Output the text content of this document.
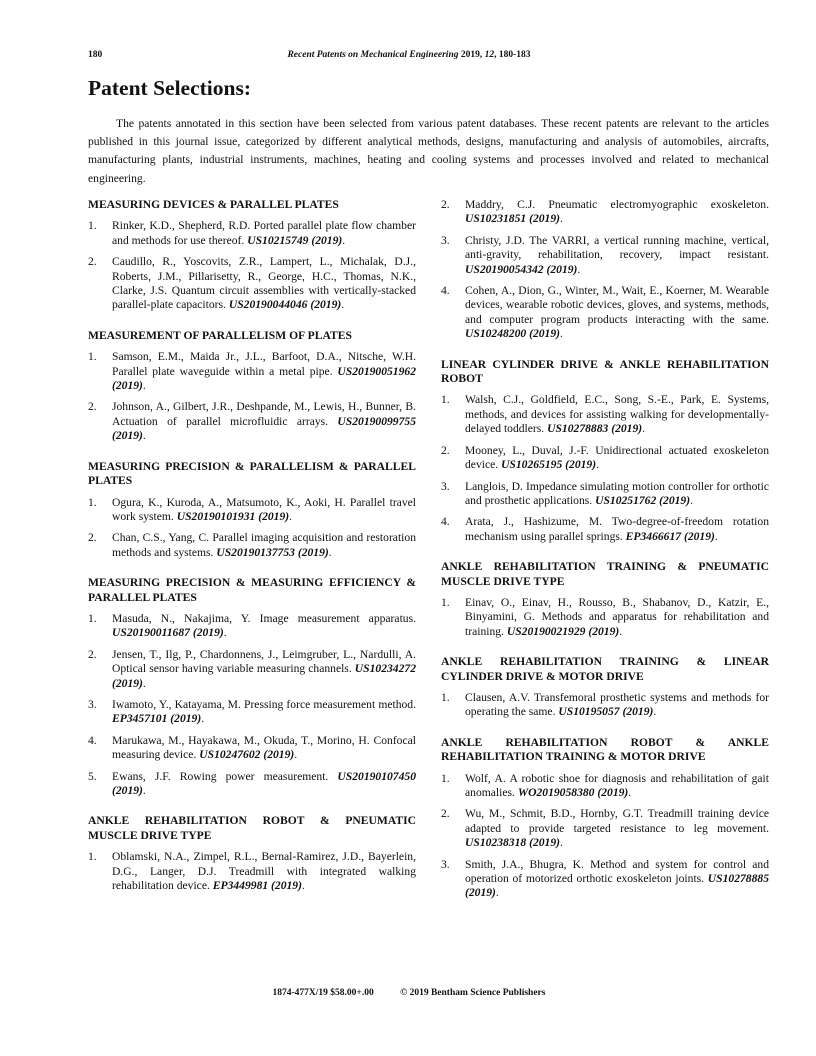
180	Recent Patents on Mechanical Engineering 2019, 12, 180-183
Patent Selections:

The patents annotated in this section have been selected from various patent databases. These recent patents are relevant to the articles published in this journal issue, categorized by different analytical methods, designs, manufacturing and analysis of automobiles, aircrafts, manufacturing plants, industrial instruments, machines, heating and cooling systems and processes involved and related to mechanical engineering.

MEASURING DEVICES & PARALLEL PLATES
1. Rinker, K.D., Shepherd, R.D. Ported parallel plate flow chamber and methods for use thereof. US10215749 (2019).
2. Caudillo, R., Yoscovits, Z.R., Lampert, L., Michalak, D.J., Roberts, J.M., Pillarisetty, R., George, H.C., Thomas, N.K., Clarke, J.S. Quantum circuit assemblies with vertically-stacked parallel-plate capacitors. US20190044046 (2019).
MEASUREMENT OF PARALLELISM OF PLATES
1. Samson, E.M., Maida Jr., J.L., Barfoot, D.A., Nitsche, W.H. Parallel plate waveguide within a metal pipe. US20190051962 (2019).
2. Johnson, A., Gilbert, J.R., Deshpande, M., Lewis, H., Bunner, B. Actuation of parallel microfluidic arrays. US20190099755 (2019).
MEASURING PRECISION & PARALLELISM & PARALLEL PLATES
1. Ogura, K., Kuroda, A., Matsumoto, K., Aoki, H. Parallel travel work system. US20190101931 (2019).
2. Chan, C.S., Yang, C. Parallel imaging acquisition and restoration methods and systems. US20190137753 (2019).
MEASURING PRECISION & MEASURING EFFICIENCY & PARALLEL PLATES
1. Masuda, N., Nakajima, Y. Image measurement apparatus. US20190011687 (2019).
2. Jensen, T., Ilg, P., Chardonnens, J., Leimgruber, L., Nardulli, A. Optical sensor having variable measuring channels. US10234272 (2019).
3. Iwamoto, Y., Katayama, M. Pressing force measurement method. EP3457101 (2019).
4. Marukawa, M., Hayakawa, M., Okuda, T., Morino, H. Confocal measuring device. US10247602 (2019).
5. Ewans, J.F. Rowing power measurement. US20190107450 (2019).
ANKLE REHABILITATION ROBOT & PNEUMATIC MUSCLE DRIVE TYPE
1. Oblamski, N.A., Zimpel, R.L., Bernal-Ramirez, J.D., Bayerlein, D.G., Langer, D.J. Treadmill with integrated walking rehabilitation device. EP3449981 (2019).
2. Maddry, C.J. Pneumatic electromyographic exoskeleton. US10231851 (2019).
3. Christy, J.D. The VARRI, a vertical running machine, vertical, anti-gravity, rehabilitation, recovery, impact resistant. US20190054342 (2019).
4. Cohen, A., Dion, G., Winter, M., Wait, E., Koerner, M. Wearable devices, wearable robotic devices, gloves, and systems, methods, and computer program products interacting with the same. US10248200 (2019).
LINEAR CYLINDER DRIVE & ANKLE REHABILITATION ROBOT
1. Walsh, C.J., Goldfield, E.C., Song, S.-E., Park, E. Systems, methods, and devices for assisting walking for developmentally-delayed toddlers. US10278883 (2019).
2. Mooney, L., Duval, J.-F. Unidirectional actuated exoskeleton device. US10265195 (2019).
3. Langlois, D. Impedance simulating motion controller for orthotic and prosthetic applications. US10251762 (2019).
4. Arata, J., Hashizume, M. Two-degree-of-freedom rotation mechanism using parallel springs. EP3466617 (2019).
ANKLE REHABILITATION TRAINING & PNEUMATIC MUSCLE DRIVE TYPE
1. Einav, O., Einav, H., Rousso, B., Shabanov, D., Katzir, E., Binyamini, G. Methods and apparatus for rehabilitation and training. US20190021929 (2019).
ANKLE REHABILITATION TRAINING & LINEAR CYLINDER DRIVE & MOTOR DRIVE
1. Clausen, A.V. Transfemoral prosthetic systems and methods for operating the same. US10195057 (2019).
ANKLE REHABILITATION ROBOT & ANKLE REHABILITATION TRAINING & MOTOR DRIVE
1. Wolf, A. A robotic shoe for diagnosis and rehabilitation of gait anomalies. WO2019058380 (2019).
2. Wu, M., Schmit, B.D., Hornby, G.T. Treadmill training device adapted to provide targeted resistance to leg movement. US10238318 (2019).
3. Smith, J.A., Bhugra, K. Method and system for control and operation of motorized orthotic exoskeleton joints. US10278885 (2019).
1874-477X/19 $58.00+.00	© 2019 Bentham Science Publishers
